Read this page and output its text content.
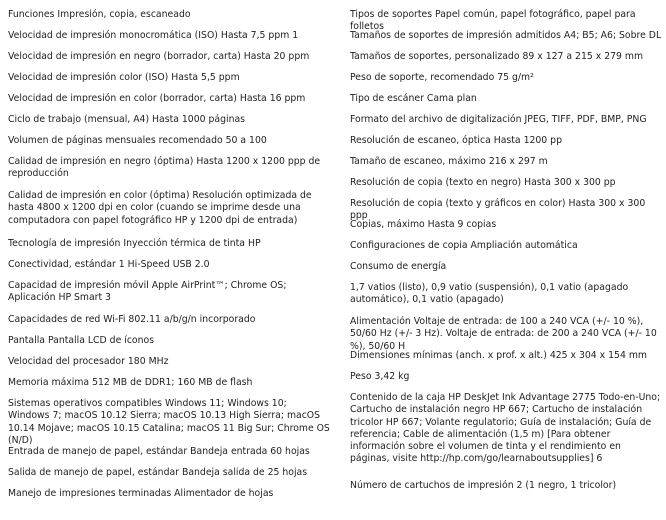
Funciones Impresión, copia, escaneado

Velocidad de impresión monocromática (ISO) Hasta 7,5 ppm 1

Velocidad de impresión en negro (borrador, carta) Hasta 20 ppm

Velocidad de impresión color (ISO) Hasta 5,5 ppm

Velocidad de impresión en color (borrador, carta) Hasta 16 ppm

Ciclo de trabajo (mensual, A4) Hasta 1000 páginas

Volumen de páginas mensuales recomendado 50 a 100

Calidad de impresión en negro (óptima) Hasta 1200 x 1200 ppp de reproducción

Calidad de impresión en color (óptima) Resolución optimizada de hasta 4800 x 1200 dpi en color (cuando se imprime desde una computadora con papel fotográfico HP y 1200 dpi de entrada)

Tecnología de impresión Inyección térmica de tinta HP

Conectividad, estándar 1 Hi-Speed USB 2.0

Capacidad de impresión móvil Apple AirPrint™; Chrome OS; Aplicación HP Smart 3

Capacidades de red Wi-Fi 802.11 a/b/g/n incorporado

Pantalla Pantalla LCD de íconos

Velocidad del procesador 180 MHz

Memoria máxima 512 MB de DDR1; 160 MB de flash

Sistemas operativos compatibles Windows 11; Windows 10; Windows 7; macOS 10.12 Sierra; macOS 10.13 High Sierra; macOS 10.14 Mojave; macOS 10.15 Catalina; macOS 11 Big Sur; Chrome OS (N/D)

Entrada de manejo de papel, estándar Bandeja entrada 60 hojas

Salida de manejo de papel, estándar Bandeja salida de 25 hojas

Manejo de impresiones terminadas Alimentador de hojas

Tipos de soportes Papel común, papel fotográfico, papel para folletos

Tamaños de soportes de impresión admitidos A4; B5; A6; Sobre DL

Tamaños de soportes, personalizado 89 x 127 a 215 x 279 mm

Peso de soporte, recomendado 75 g/m²

Tipo de escáner Cama plan

Formato del archivo de digitalización JPEG, TIFF, PDF, BMP, PNG

Resolución de escaneo, óptica Hasta 1200 pp

Tamaño de escaneo, máximo 216 x 297 m

Resolución de copia (texto en negro) Hasta 300 x 300 pp

Resolución de copia (texto y gráficos en color) Hasta 300 x 300 ppp

Copias, máximo Hasta 9 copias

Configuraciones de copia Ampliación automática

Consumo de energía

1,7 vatios (listo), 0,9 vatio (suspensión), 0,1 vatio (apagado automático), 0,1 vatio (apagado)

Alimentación Voltaje de entrada: de 100 a 240 VCA (+/- 10 %), 50/60 Hz (+/- 3 Hz). Voltaje de entrada: de 200 a 240 VCA (+/- 10 %), 50/60 H

Dimensiones mínimas (anch. x prof. x alt.) 425 x 304 x 154 mm

Peso 3,42 kg

Contenido de la caja HP DeskJet Ink Advantage 2775 Todo-en-Uno; Cartucho de instalación negro HP 667; Cartucho de instalación tricolor HP 667; Volante regulatorio; Guía de instalación; Guía de referencia; Cable de alimentación (1,5 m) [Para obtener información sobre el volumen de tinta y el rendimiento en páginas, visite http://hp.com/go/learnaboutsupplies] 6

Número de cartuchos de impresión 2 (1 negro, 1 tricolor)
